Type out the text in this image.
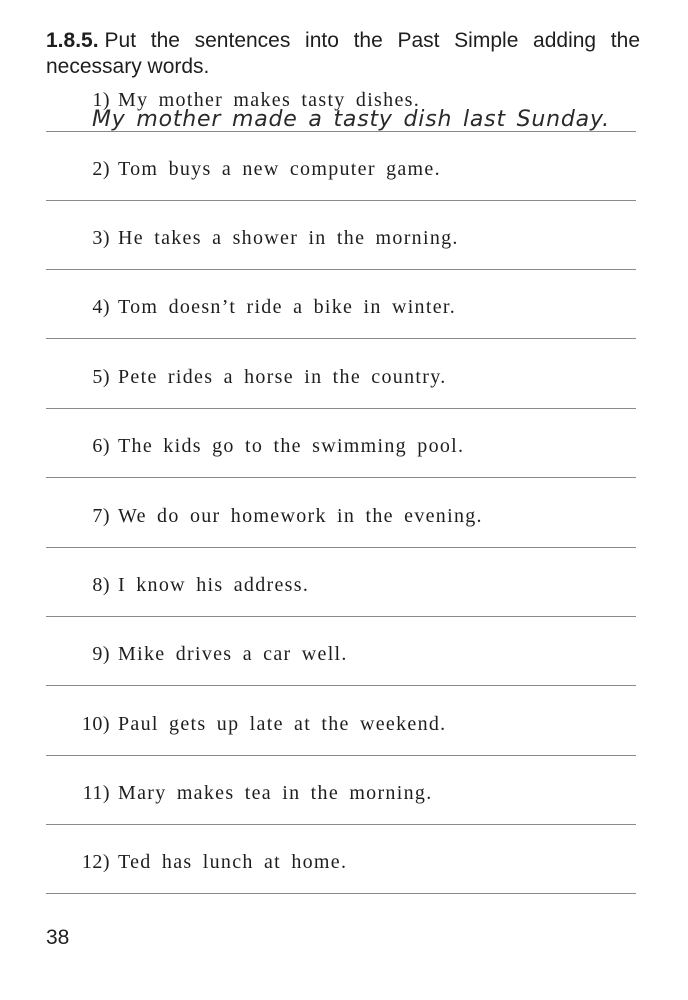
1.8.5. Put the sentences into the Past Simple adding the necessary words.
1) My mother makes tasty dishes.
My mother made a tasty dish last Sunday.
2) Tom buys a new computer game.
3) He takes a shower in the morning.
4) Tom doesn’t ride a bike in winter.
5) Pete rides a horse in the country.
6) The kids go to the swimming pool.
7) We do our homework in the evening.
8) I know his address.
9) Mike drives a car well.
10) Paul gets up late at the weekend.
11) Mary makes tea in the morning.
12) Ted has lunch at home.
38
